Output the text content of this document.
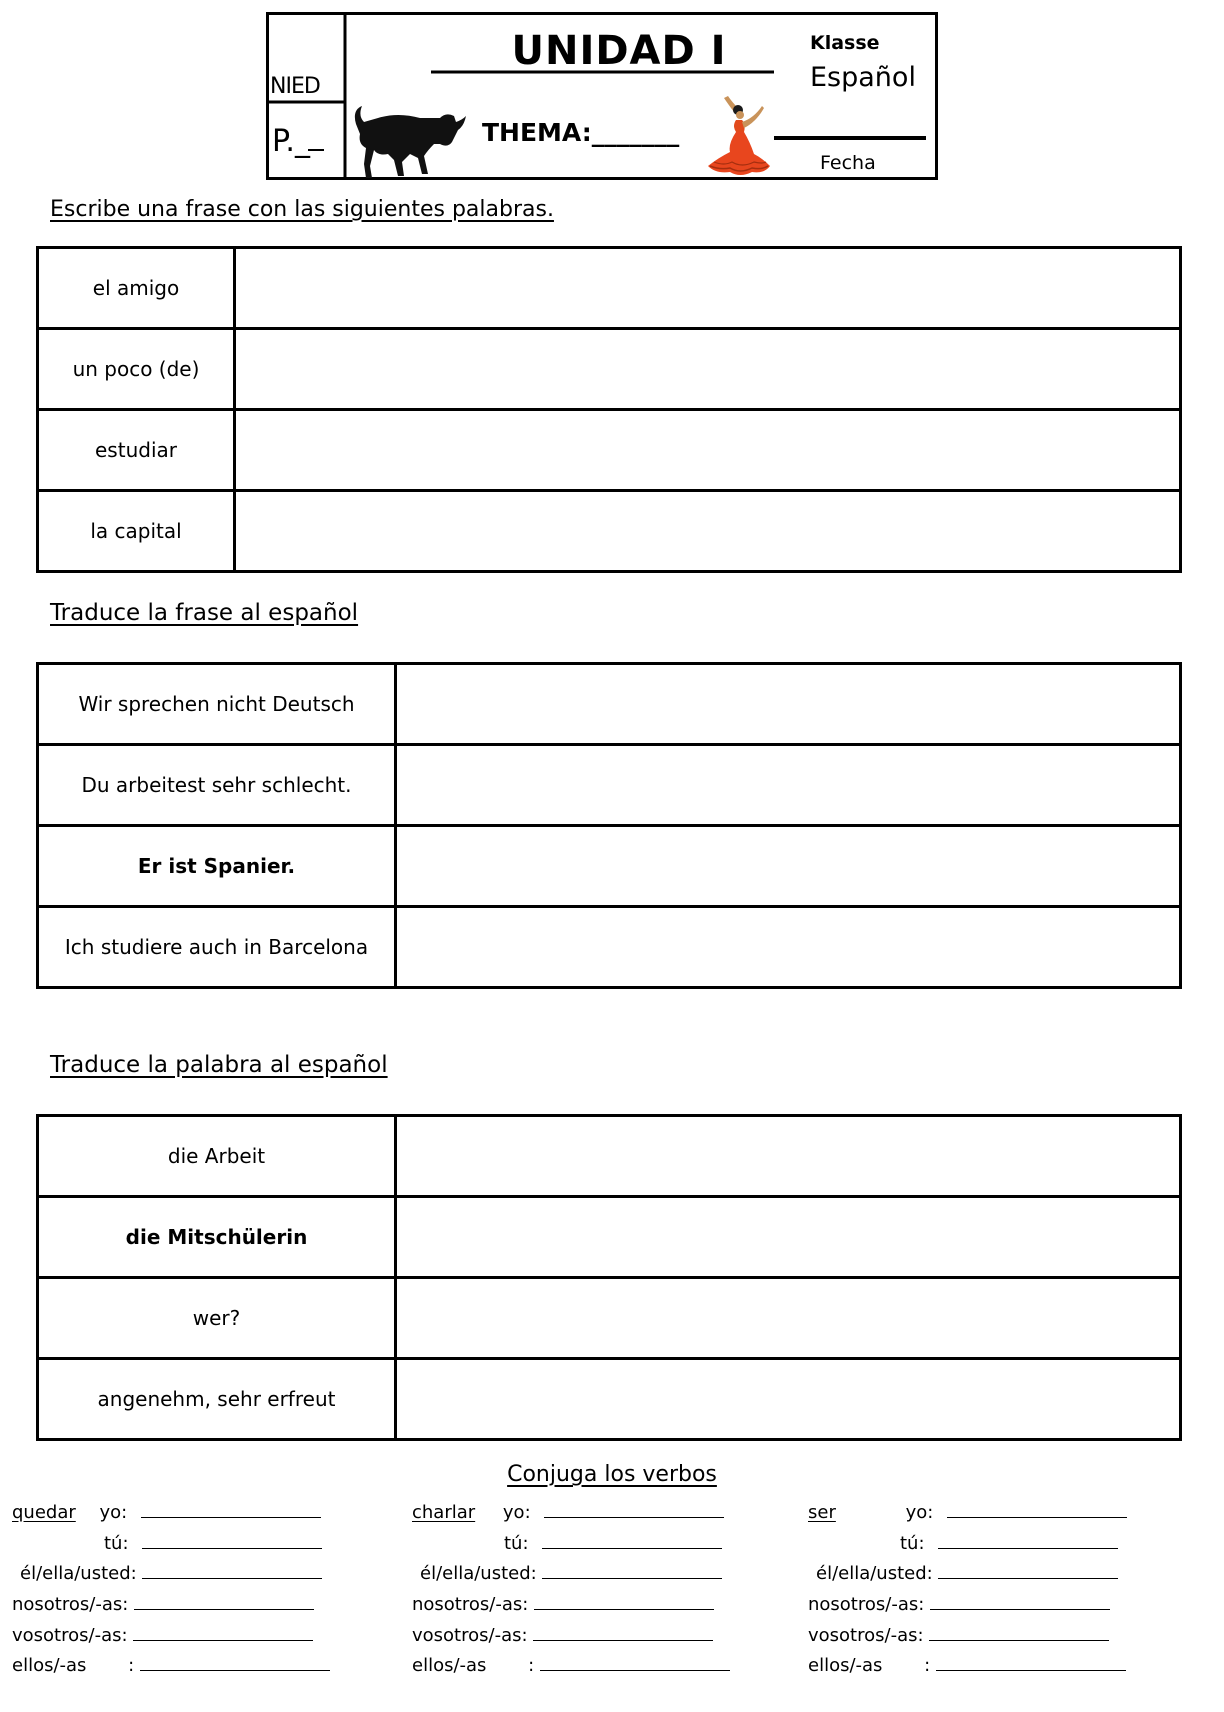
NIED
P._
UNIDAD I	Klasse
Español
THEMA:_______
Fecha
Escribe una frase con las siguientes palabras.
el amigo	
un poco (de)	
estudiar	
la capital	
Traduce la frase al español
Wir sprechen nicht Deutsch	
Du arbeitest sehr schlecht.	
Er ist Spanier.	
Ich studiere auch in Barcelona	
Traduce la palabra al español
die Arbeit	
die Mitschülerin	
wer?	
angenehm, sehr erfreut	
Conjuga los verbos
quedar yo:
tú:
él/ella/usted:
nosotros/-as:
vosotros/-as:
ellos/-as :
charlar yo:
tú:
él/ella/usted:
nosotros/-as:
vosotros/-as:
ellos/-as :
ser	yo:
tú:
él/ella/usted:
nosotros/-as:
vosotros/-as:
ellos/-as :
